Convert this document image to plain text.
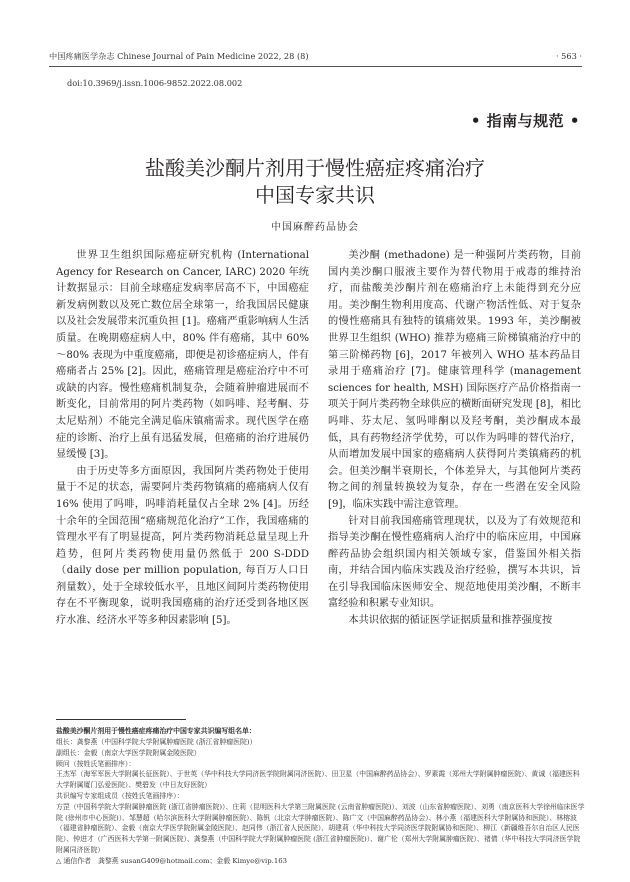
中国疼痛医学杂志 Chinese Journal of Pain Medicine 2022, 28 (8)	· 563 ·
doi:10.3969/j.issn.1006-9852.2022.08.002
• 指南与规范 •
盐酸美沙酮片剂用于慢性癌症疼痛治疗
中国专家共识
中国麻醉药品协会

世界卫生组织国际癌症研究机构 (International Agency for Research on Cancer, IARC) 2020 年统计数据显示：目前全球癌症发病率居高不下，中国癌症新发病例数以及死亡数位居全球第一，给我国居民健康以及社会发展带来沉重负担 [1]。癌痛严重影响病人生活质量。在晚期癌症病人中，80% 伴有癌痛，其中 60%～80% 表现为中重度癌痛，即便是初诊癌症病人，伴有癌痛者占 25% [2]。因此，癌痛管理是癌症治疗中不可或缺的内容。慢性癌痛机制复杂，会随着肿瘤进展而不断变化，目前常用的阿片类药物（如吗啡、羟考酮、芬太尼贴剂）不能完全满足临床镇痛需求。现代医学在癌症的诊断、治疗上虽有迅猛发展，但癌痛的治疗进展仍显缓慢 [3]。

由于历史等多方面原因，我国阿片类药物处于使用量于不足的状态，需要阿片类药物镇痛的癌痛病人仅有 16% 使用了吗啡，吗啡消耗量仅占全球 2% [4]。历经十余年的全国范围“癌痛规范化治疗”工作，我国癌痛的管理水平有了明显提高，阿片类药物消耗总量呈现上升趋势，但阿片类药物使用量仍然低于 200 S-DDD（daily dose per million population, 每百万人口日剂量数），处于全球较低水平，且地区间阿片类药物使用存在不平衡现象，说明我国癌痛的治疗还受到各地区医疗水准、经济水平等多种因素影响 [5]。

美沙酮 (methadone) 是一种强阿片类药物，目前国内美沙酮口服液主要作为替代物用于戒毒的维持治疗，而盐酸美沙酮片剂在癌痛治疗上未能得到充分应用。美沙酮生物利用度高、代谢产物活性低、对于复杂的慢性癌痛具有独特的镇痛效果。1993 年，美沙酮被世界卫生组织 (WHO) 推荐为癌痛三阶梯镇痛治疗中的第三阶梯药物 [6]，2017 年被列入 WHO 基本药品目录用于癌痛治疗 [7]。健康管理科学 (management sciences for health, MSH) 国际医疗产品价格指南一项关于阿片类药物全球供应的横断面研究发现 [8]，相比吗啡、芬太尼、氢吗啡酮以及羟考酮，美沙酮成本最低，具有药物经济学优势，可以作为吗啡的替代治疗，从而增加发展中国家的癌痛病人获得阿片类镇痛药的机会。但美沙酮半衰期长，个体差异大，与其他阿片类药物之间的剂量转换较为复杂，存在一些潜在安全风险 [9]，临床实践中需注意管理。

针对目前我国癌痛管理现状，以及为了有效规范和指导美沙酮在慢性癌痛病人治疗中的临床应用，中国麻醉药品协会组织国内相关领域专家，借鉴国外相关指南，并结合国内临床实践及治疗经验，撰写本共识，旨在引导我国临床医师安全、规范地使用美沙酮，不断丰富经验和积累专业知识。

本共识依据的循证医学证据质量和推荐强度按

盐酸美沙酮片剂用于慢性癌症疼痛治疗中国专家共识编写组名单：
组长：龚黎燕（中国科学院大学附属肿瘤医院 (浙江省肿瘤医院)）
副组长：金毅（南京大学医学院附属金陵医院）
顾问（按姓氏笔画排序）：
王杰军（海军军医大学附属长征医院）、于世英（华中科技大学同济医学院附属同济医院）、田卫星（中国麻醉药品协会）、罗素霞（郑州大学附属肿瘤医院）、黄诚（福建医科大学附属厦门弘爱医院）、樊碧发（中日友好医院）
共识编写专家组成员（按姓氏笔画排序）：
方罡（中国科学院大学附属肿瘤医院 (浙江省肿瘤医院)）、庄莉（昆明医科大学第三附属医院 (云南省肿瘤医院)）、刘波（山东省肿瘤医院）、刘勇（南京医科大学徐州临床医学院 (徐州市中心医院)）、邹慧超（哈尔滨医科大学附属肿瘤医院）、陈钒（北京大学肿瘤医院）、陈广文（中国麻醉药品协会）、林小燕（福建医科大学附属协和医院）、林榕波（福建省肿瘤医院）、金毅（南京大学医学院附属金陵医院）、赵同伟（浙江省人民医院）、胡建莉（华中科技大学同济医学院附属协和医院）、柳江（新疆维吾尔自治区人民医院）、钟进才（广西医科大学第一附属医院）、龚黎燕（中国科学院大学附属肿瘤医院 (浙江省肿瘤医院)）、谢广伦（郑州大学附属肿瘤医院）、褚倩（华中科技大学同济医学院附属同济医院）
△ 通信作者　龚黎燕 susanG409@hotmail.com；金毅 Kimye@vip.163
